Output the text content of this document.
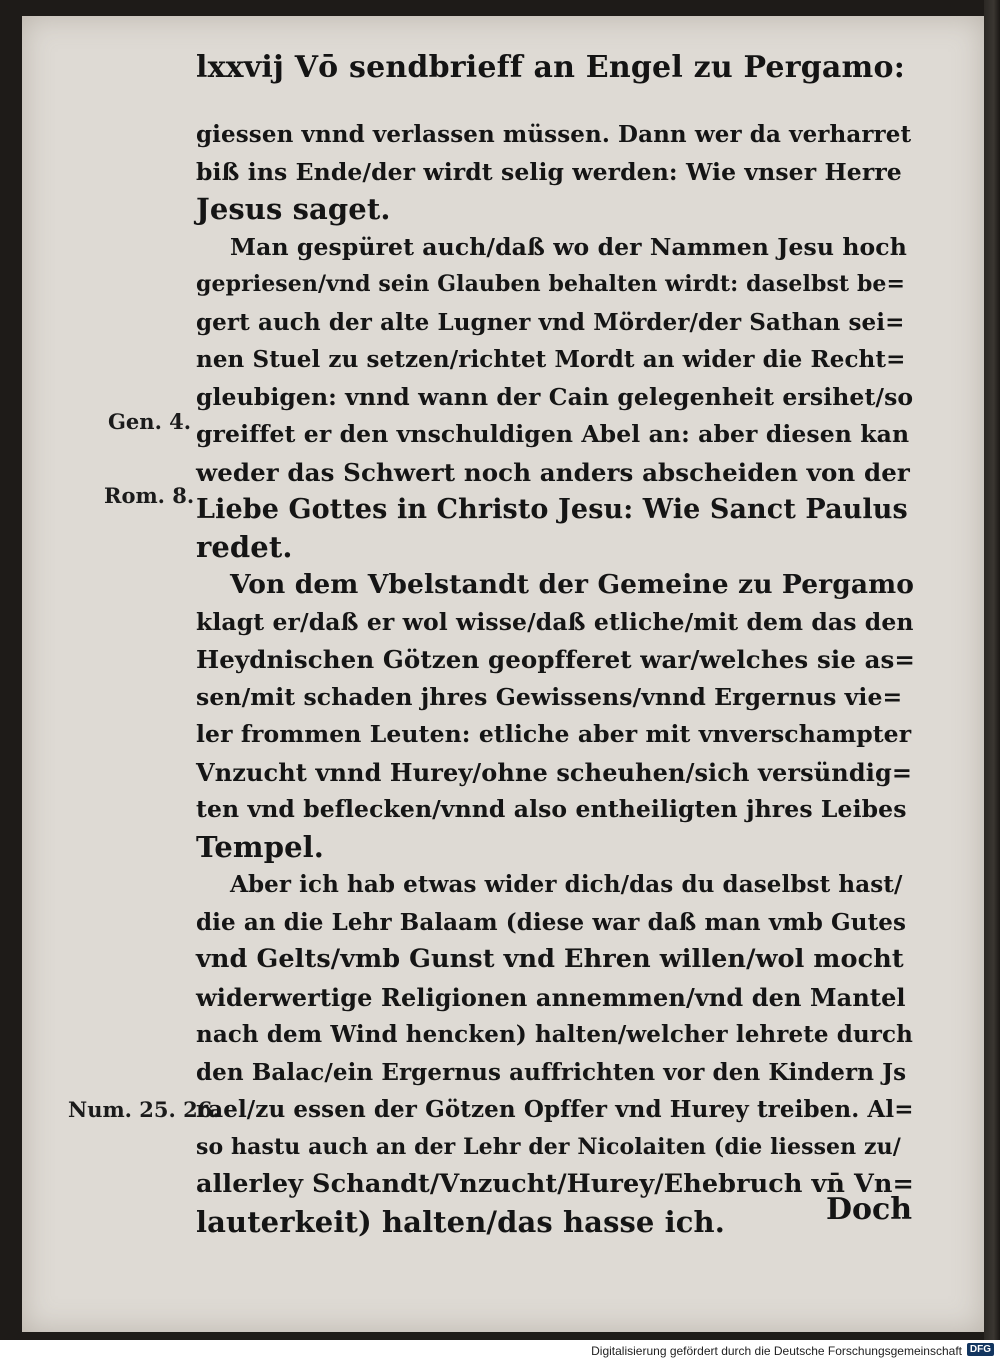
lxxvij Vō sendbrieff an Engel zu Pergamo:
Gen. 4.
Rom. 8.
Num. 25. 26.
giessen vnnd verlassen müssen. Dann wer da verharret
biß ins Ende/der wirdt selig werden: Wie vnser Herre
Jesus saget.
Man gespüret auch/daß wo der Nammen Jesu hoch
gepriesen/vnd sein Glauben behalten wirdt: daselbst be=
gert auch der alte Lugner vnd Mörder/der Sathan sei=
nen Stuel zu setzen/richtet Mordt an wider die Recht=
gleubigen: vnnd wann der Cain gelegenheit ersihet/so
greiffet er den vnschuldigen Abel an: aber diesen kan
weder das Schwert noch anders abscheiden von der
Liebe Gottes in Christo Jesu: Wie Sanct Paulus
redet.
Von dem Vbelstandt der Gemeine zu Pergamo
klagt er/daß er wol wisse/daß etliche/mit dem das den
Heydnischen Götzen geopfferet war/welches sie as=
sen/mit schaden jhres Gewissens/vnnd Ergernus vie=
ler frommen Leuten: etliche aber mit vnverschampter
Vnzucht vnnd Hurey/ohne scheuhen/sich versündig=
ten vnd beflecken/vnnd also entheiligten jhres Leibes
Tempel.
Aber ich hab etwas wider dich/das du daselbst hast/
die an die Lehr Balaam (diese war daß man vmb Gutes
vnd Gelts/vmb Gunst vnd Ehren willen/wol mocht
widerwertige Religionen annemmen/vnd den Mantel
nach dem Wind hencken) halten/welcher lehrete durch
den Balac/ein Ergernus auffrichten vor den Kindern Js
rael/zu essen der Götzen Opffer vnd Hurey treiben. Al=
so hastu auch an der Lehr der Nicolaiten (die liessen zu/
allerley Schandt/Vnzucht/Hurey/Ehebruch vn̄ Vn=
lauterkeit) halten/das hasse ich.	Doch
Digitalisierung gefördert durch die Deutsche Forschungsgemeinschaft DFG
